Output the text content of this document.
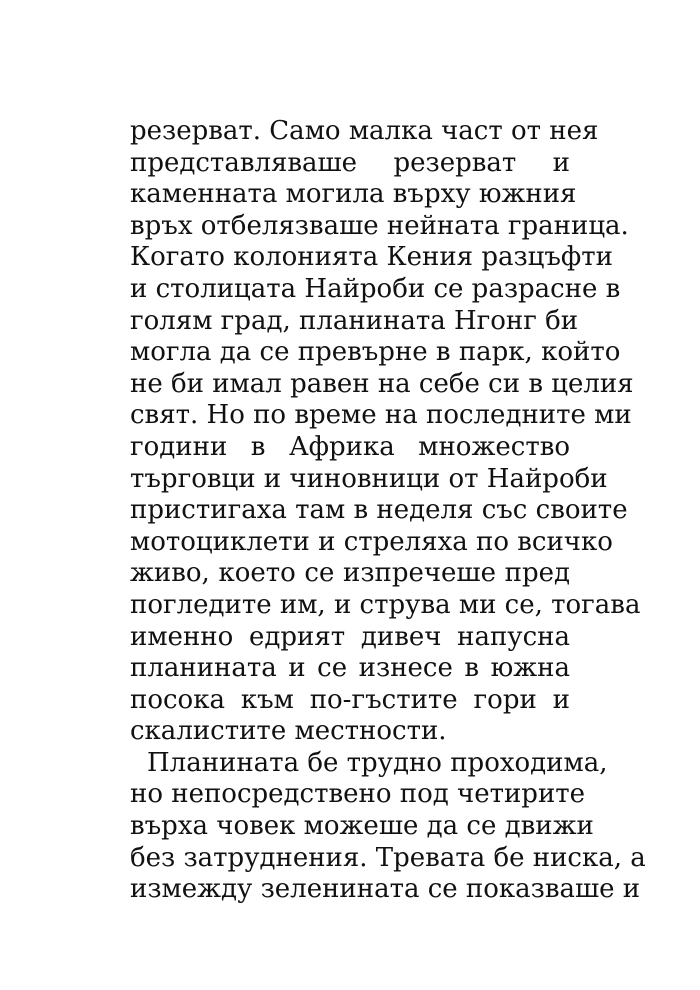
резерват. Само малка част от нея
представляваше резерват и
каменната могила върху южния
връх отбелязваше нейната граница.
Когато колонията Кения разцъфти
и столицата Найроби се разрасне в
голям град, планината Нгонг би
могла да се превърне в парк, който
не би имал равен на себе си в целия
свят. Но по време на последните ми
години в Африка множество
търговци и чиновници от Найроби
пристигаха там в неделя със своите
мотоциклети и стреляха по всичко
живо, което се изпречеше пред
погледите им, и струва ми се, тогава
именно едрият дивеч напусна
планината и се изнесе в южна
посока към по-гъстите гори и
скалистите местности.
Планината бе трудно проходима,
но непосредствено под четирите
върха човек можеше да се движи
без затруднения. Тревата бе ниска, а
измежду зеленината се показваше и
